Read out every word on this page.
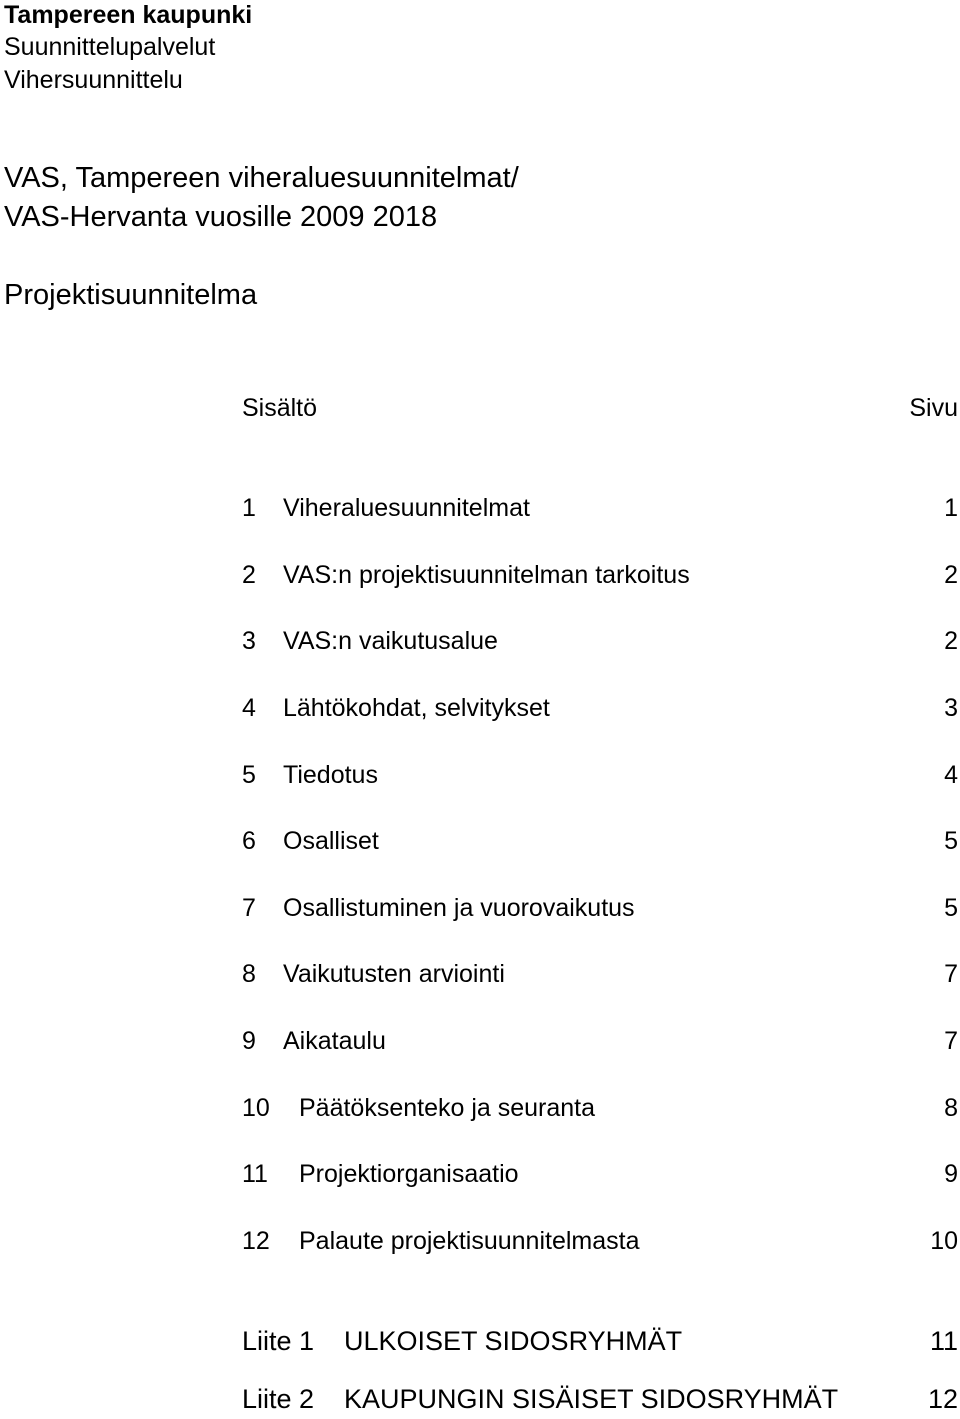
Tampereen kaupunki
Suunnittelupalvelut
Vihersuunnittelu
VAS, Tampereen viheraluesuunnitelmat/
VAS-Hervanta vuosille 2009 2018
Projektisuunnitelma
Sisältö	Sivu
1 Viheraluesuunnitelmat	1
2 VAS:n projektisuunnitelman tarkoitus	2
3 VAS:n vaikutusalue	2
4 Lähtökohdat, selvitykset	3
5 Tiedotus	4
6 Osalliset	5
7 Osallistuminen ja vuorovaikutus	5
8 Vaikutusten arviointi	7
9 Aikataulu	7
10 Päätöksenteko ja seuranta	8
11 Projektiorganisaatio	9
12 Palaute projektisuunnitelmasta	10
Liite 1 ULKOISET SIDOSRYHMÄT	11
Liite 2 KAUPUNGIN SISÄISET SIDOSRYHMÄT	12
